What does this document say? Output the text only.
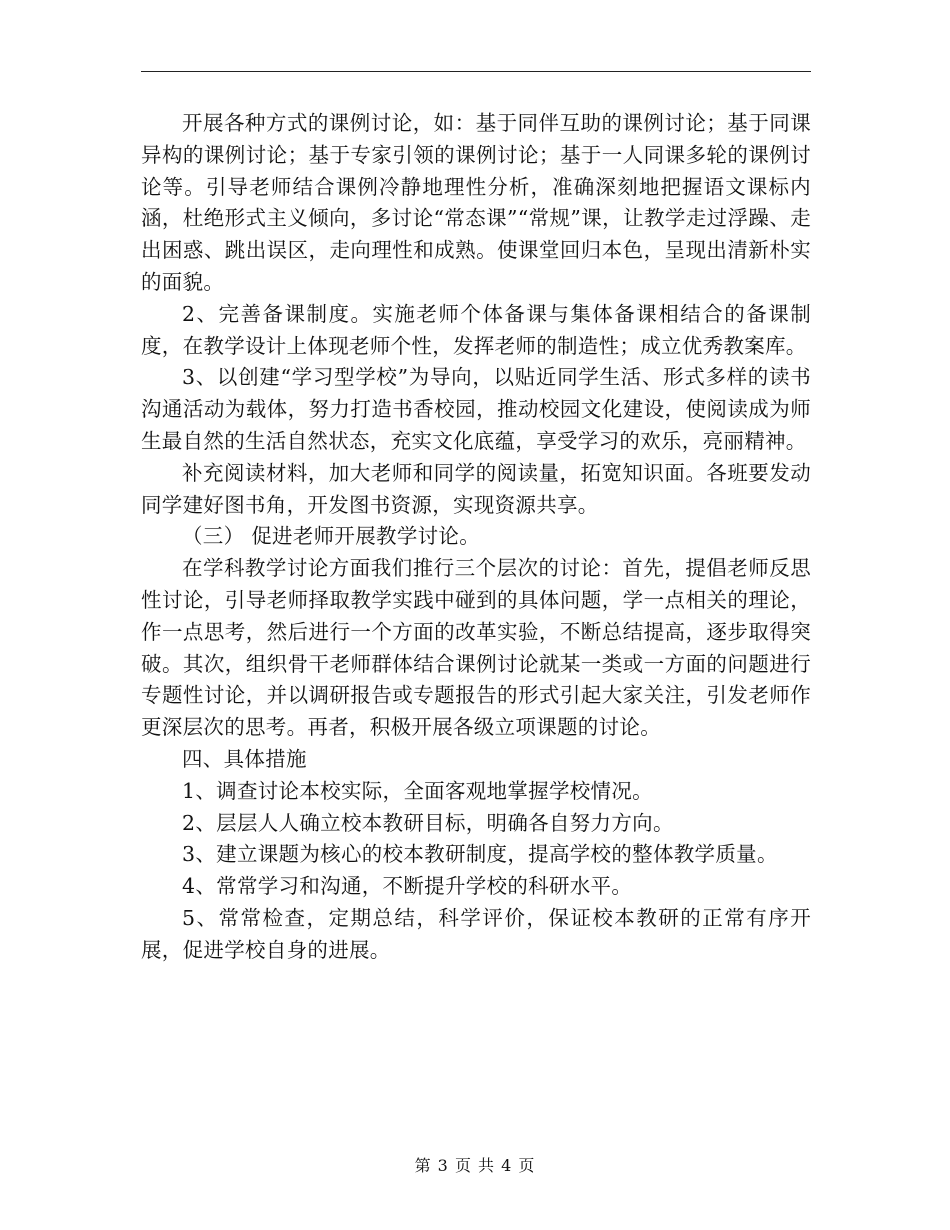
开展各种方式的课例讨论，如：基于同伴互助的课例讨论；基于同课异构的课例讨论；基于专家引领的课例讨论；基于一人同课多轮的课例讨论等。引导老师结合课例冷静地理性分析，准确深刻地把握语文课标内涵，杜绝形式主义倾向，多讨论“常态课”“常规”课，让教学走过浮躁、走出困惑、跳出误区，走向理性和成熟。使课堂回归本色，呈现出清新朴实的面貌。

2、完善备课制度。实施老师个体备课与集体备课相结合的备课制度，在教学设计上体现老师个性，发挥老师的制造性；成立优秀教案库。

3、以创建“学习型学校”为导向，以贴近同学生活、形式多样的读书沟通活动为载体，努力打造书香校园，推动校园文化建设，使阅读成为师生最自然的生活自然状态，充实文化底蕴，享受学习的欢乐，亮丽精神。

补充阅读材料，加大老师和同学的阅读量，拓宽知识面。各班要发动同学建好图书角，开发图书资源，实现资源共享。

（三） 促进老师开展教学讨论。

在学科教学讨论方面我们推行三个层次的讨论：首先，提倡老师反思性讨论，引导老师择取教学实践中碰到的具体问题，学一点相关的理论，作一点思考，然后进行一个方面的改革实验，不断总结提高，逐步取得突破。其次，组织骨干老师群体结合课例讨论就某一类或一方面的问题进行专题性讨论，并以调研报告或专题报告的形式引起大家关注，引发老师作更深层次的思考。再者，积极开展各级立项课题的讨论。

四、具体措施

1、调查讨论本校实际，全面客观地掌握学校情况。

2、层层人人确立校本教研目标，明确各自努力方向。

3、建立课题为核心的校本教研制度，提高学校的整体教学质量。

4、常常学习和沟通，不断提升学校的科研水平。

5、常常检查，定期总结，科学评价，保证校本教研的正常有序开展，促进学校自身的进展。

第 3 页 共 4 页
